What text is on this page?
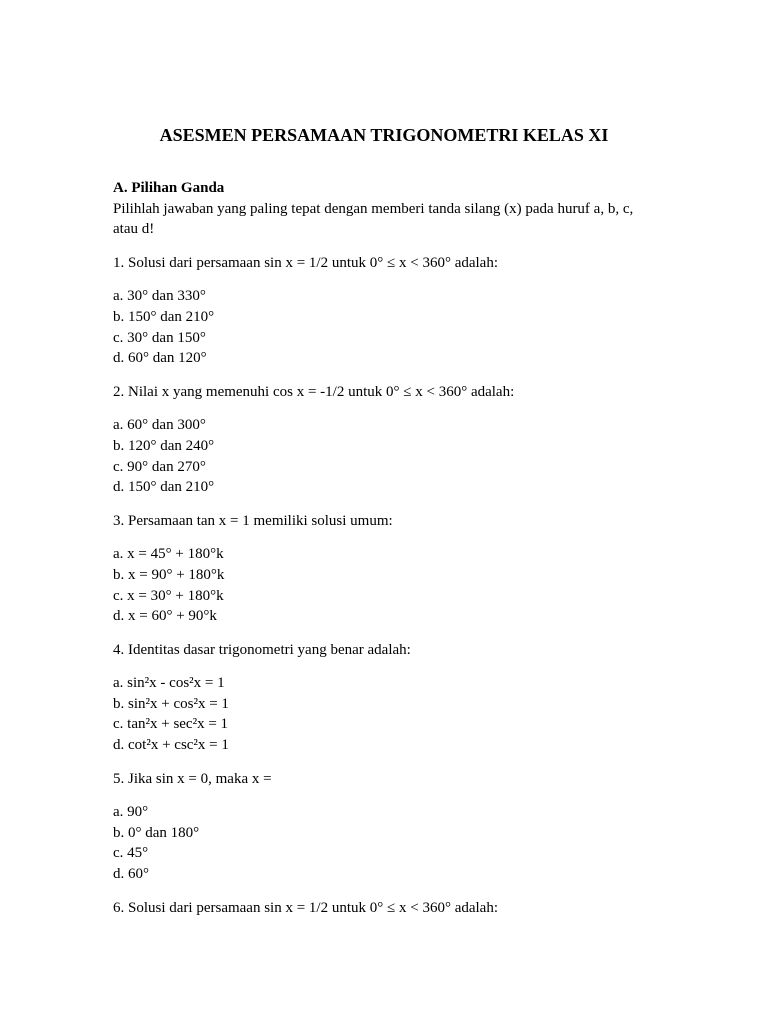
ASESMEN PERSAMAAN TRIGONOMETRI KELAS XI

A. Pilihan Ganda

Pilihlah jawaban yang paling tepat dengan memberi tanda silang (x) pada huruf a, b, c, atau d!

1. Solusi dari persamaan sin x = 1/2 untuk 0° ≤ x < 360° adalah:

a. 30° dan 330°

b. 150° dan 210°

c. 30° dan 150°

d. 60° dan 120°

2. Nilai x yang memenuhi cos x = -1/2 untuk 0° ≤ x < 360° adalah:

a. 60° dan 300°

b. 120° dan 240°

c. 90° dan 270°

d. 150° dan 210°

3. Persamaan tan x = 1 memiliki solusi umum:

a. x = 45° + 180°k

b. x = 90° + 180°k

c. x = 30° + 180°k

d. x = 60° + 90°k

4. Identitas dasar trigonometri yang benar adalah:

a. sin²x - cos²x = 1

b. sin²x + cos²x = 1

c. tan²x + sec²x = 1

d. cot²x + csc²x = 1

5. Jika sin x = 0, maka x =

a. 90°

b. 0° dan 180°

c. 45°

d. 60°

6. Solusi dari persamaan sin x = 1/2 untuk 0° ≤ x < 360° adalah:
